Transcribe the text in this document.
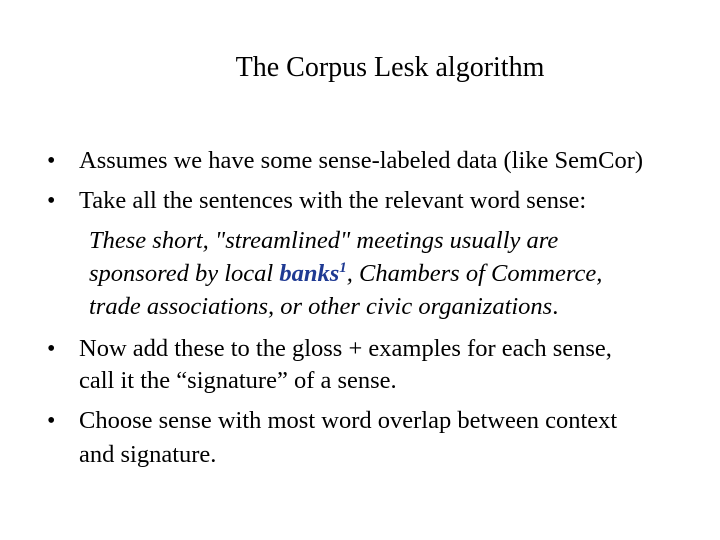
The Corpus Lesk algorithm
• Assumes we have some sense-labeled data (like SemCor)
• Take all the sentences with the relevant word sense:
These short, "streamlined" meetings usually are
sponsored by local banks$^1$, Chambers of Commerce,
trade associations, or other civic organizations.
• Now add these to the gloss + examples for each sense,
call it the “signature” of a sense.
• Choose sense with most word overlap between context
and signature.
